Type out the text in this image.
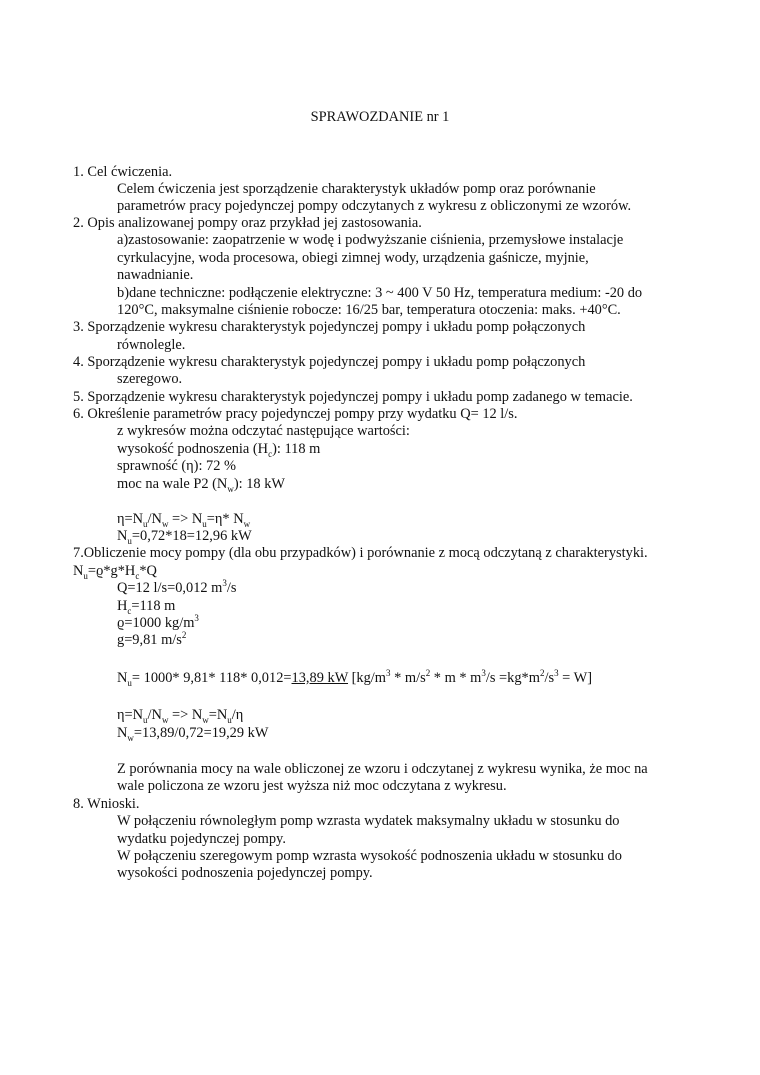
SPRAWOZDANIE nr 1
1. Cel ćwiczenia.
Celem ćwiczenia jest sporządzenie charakterystyk układów pomp oraz porównanie
parametrów pracy pojedynczej pompy odczytanych z wykresu z obliczonymi ze wzorów.
2. Opis analizowanej pompy oraz przykład jej zastosowania.
a)zastosowanie: zaopatrzenie w wodę i podwyższanie ciśnienia, przemysłowe instalacje
cyrkulacyjne, woda procesowa, obiegi zimnej wody, urządzenia gaśnicze, myjnie,
nawadnianie.
b)dane techniczne: podłączenie elektryczne: 3 ~ 400 V 50 Hz, temperatura medium: -20 do
120°C, maksymalne ciśnienie robocze: 16/25 bar, temperatura otoczenia: maks. +40°C.
3. Sporządzenie wykresu charakterystyk pojedynczej pompy i układu pomp połączonych
równolegle.
4. Sporządzenie wykresu charakterystyk pojedynczej pompy i układu pomp połączonych
szeregowo.
5. Sporządzenie wykresu charakterystyk pojedynczej pompy i układu pomp zadanego w temacie.
6. Określenie parametrów pracy pojedynczej pompy przy wydatku Q= 12 l/s.
z wykresów można odczytać następujące wartości:
wysokość podnoszenia $(H_c)$: 118 m
sprawność (η): 72 %
moc na wale P2 $(N_w)$: 18 kW
$\eta=N_u/N_w => N_u=\eta*$ $N_w$
$N_u=0,72*18=12,96$ kW
7.Obliczenie mocy pompy (dla obu przypadków) i porównanie z mocą odczytaną z charakterystyki.
$N_u=ϱ*g*H_c*Q$
Q=12 l/s=0,012 $m^3/s$
$H_c=118$ m
ϱ=1000 $kg/m^3$
g=9,81 $m/s^2$
$N_u= 1000*$ 9,81* 118* 0,012=13,89 kW $[kg/m^3 * m/s^2 * m * m^3/s =kg*m^2/s^3 = W]$
$\eta=N_u/N_w => N_w=N_u/\eta$
$N_w=13,89/0,72=19,29$ kW
Z porównania mocy na wale obliczonej ze wzoru i odczytanej z wykresu wynika, że moc na
wale policzona ze wzoru jest wyższa niż moc odczytana z wykresu.
8. Wnioski.
W połączeniu równoległym pomp wzrasta wydatek maksymalny układu w stosunku do
wydatku pojedynczej pompy.
W połączeniu szeregowym pomp wzrasta wysokość podnoszenia układu w stosunku do
wysokości podnoszenia pojedynczej pompy.
